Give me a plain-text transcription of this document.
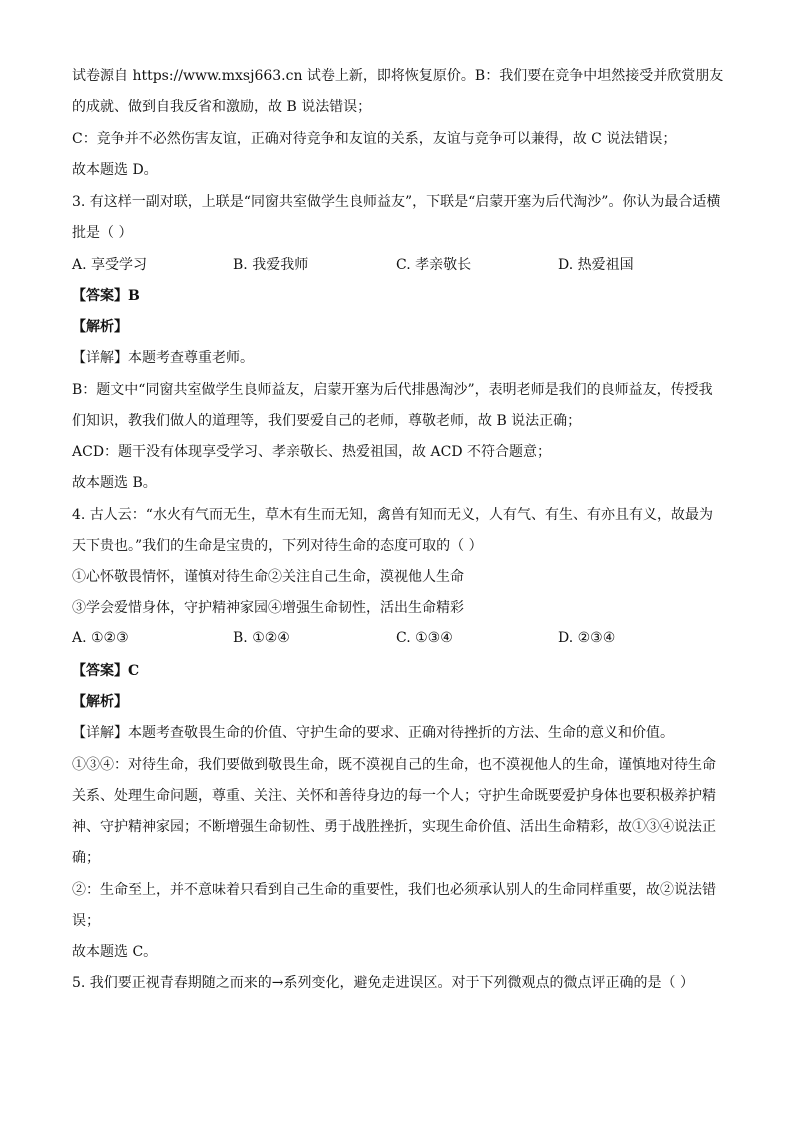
试卷源自 https://www.mxsj663.cn 试卷上新，即将恢复原价。B：我们要在竞争中坦然接受并欣赏朋友
的成就、做到自我反省和激励，故 B 说法错误；
C：竞争并不必然伤害友谊，正确对待竞争和友谊的关系，友谊与竞争可以兼得，故 C 说法错误；
故本题选 D。
3. 有这样一副对联，上联是“同窗共室做学生良师益友”，下联是“启蒙开塞为后代淘沙”。你认为最合适横
批是（ ）
A. 享受学习	B. 我爱我师	C. 孝亲敬长	D. 热爱祖国
【答案】B
【解析】
【详解】本题考查尊重老师。
B：题文中“同窗共室做学生良师益友，启蒙开塞为后代排愚淘沙”，表明老师是我们的良师益友，传授我
们知识，教我们做人的道理等，我们要爱自己的老师，尊敬老师，故 B 说法正确；
ACD：题干没有体现享受学习、孝亲敬长、热爱祖国，故 ACD 不符合题意；
故本题选 B。
4. 古人云：“水火有气而无生，草木有生而无知，禽兽有知而无义，人有气、有生、有亦且有义，故最为
天下贵也。”我们的生命是宝贵的，下列对待生命的态度可取的（ ）
①心怀敬畏情怀，谨慎对待生命②关注自己生命，漠视他人生命
③学会爱惜身体，守护精神家园④增强生命韧性，活出生命精彩
A. ①②③	B. ①②④	C. ①③④	D. ②③④
【答案】C
【解析】
【详解】本题考查敬畏生命的价值、守护生命的要求、正确对待挫折的方法、生命的意义和价值。
①③④：对待生命，我们要做到敬畏生命，既不漠视自己的生命，也不漠视他人的生命，谨慎地对待生命
关系、处理生命问题，尊重、关注、关怀和善待身边的每一个人；守护生命既要爱护身体也要积极养护精
神、守护精神家园；不断增强生命韧性、勇于战胜挫折，实现生命价值、活出生命精彩，故①③④说法正
确；
②：生命至上，并不意味着只看到自己生命的重要性，我们也必须承认别人的生命同样重要，故②说法错
误；
故本题选 C。
5. 我们要正视青春期随之而来的→系列变化，避免走进误区。对于下列微观点的微点评正确的是（ ）
